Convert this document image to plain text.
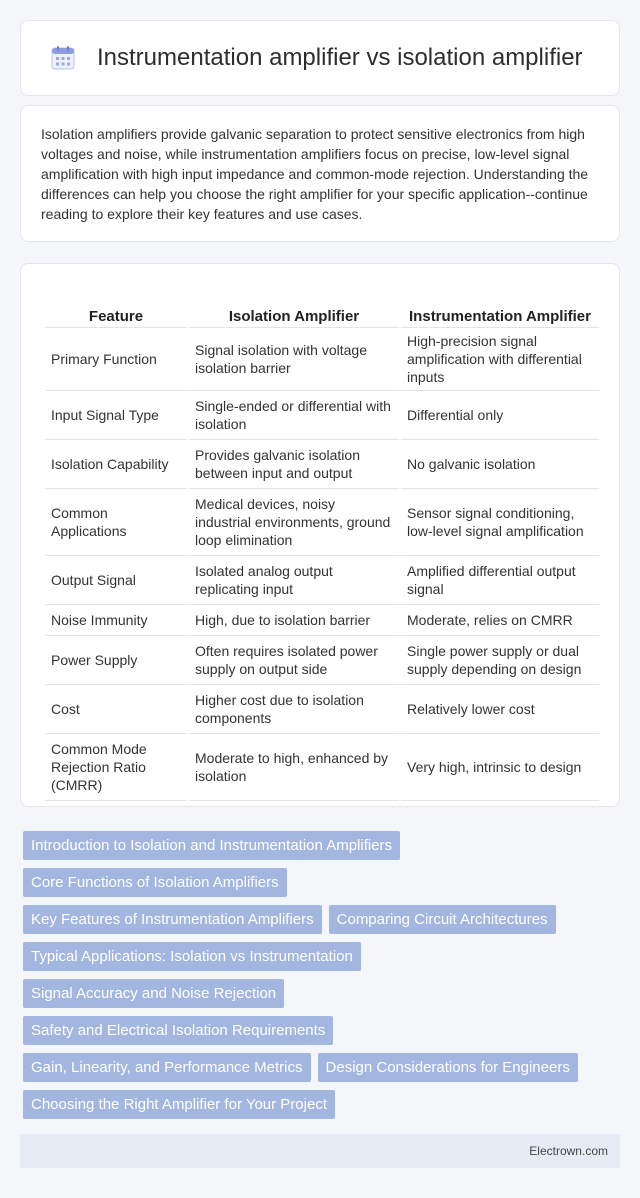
Instrumentation amplifier vs isolation amplifier

Isolation amplifiers provide galvanic separation to protect sensitive electronics from high voltages and noise, while instrumentation amplifiers focus on precise, low-level signal amplification with high input impedance and common-mode rejection. Understanding the differences can help you choose the right amplifier for your specific application--continue reading to explore their key features and use cases.

Feature	Isolation Amplifier	Instrumentation Amplifier
Primary Function	Signal isolation with voltage isolation barrier	High-precision signal amplification with differential inputs
Input Signal Type	Single-ended or differential with isolation	Differential only
Isolation Capability	Provides galvanic isolation between input and output	No galvanic isolation
Common Applications	Medical devices, noisy industrial environments, ground loop elimination	Sensor signal conditioning, low-level signal amplification
Output Signal	Isolated analog output replicating input	Amplified differential output signal
Noise Immunity	High, due to isolation barrier	Moderate, relies on CMRR
Power Supply	Often requires isolated power supply on output side	Single power supply or dual supply depending on design
Cost	Higher cost due to isolation components	Relatively lower cost
Common Mode Rejection Ratio (CMRR)	Moderate to high, enhanced by isolation	Very high, intrinsic to design
Introduction to Isolation and Instrumentation Amplifiers
Core Functions of Isolation Amplifiers
Key Features of Instrumentation Amplifiers	Comparing Circuit Architectures
Typical Applications: Isolation vs Instrumentation
Signal Accuracy and Noise Rejection
Safety and Electrical Isolation Requirements
Gain, Linearity, and Performance Metrics	Design Considerations for Engineers
Choosing the Right Amplifier for Your Project
Electrown.com
